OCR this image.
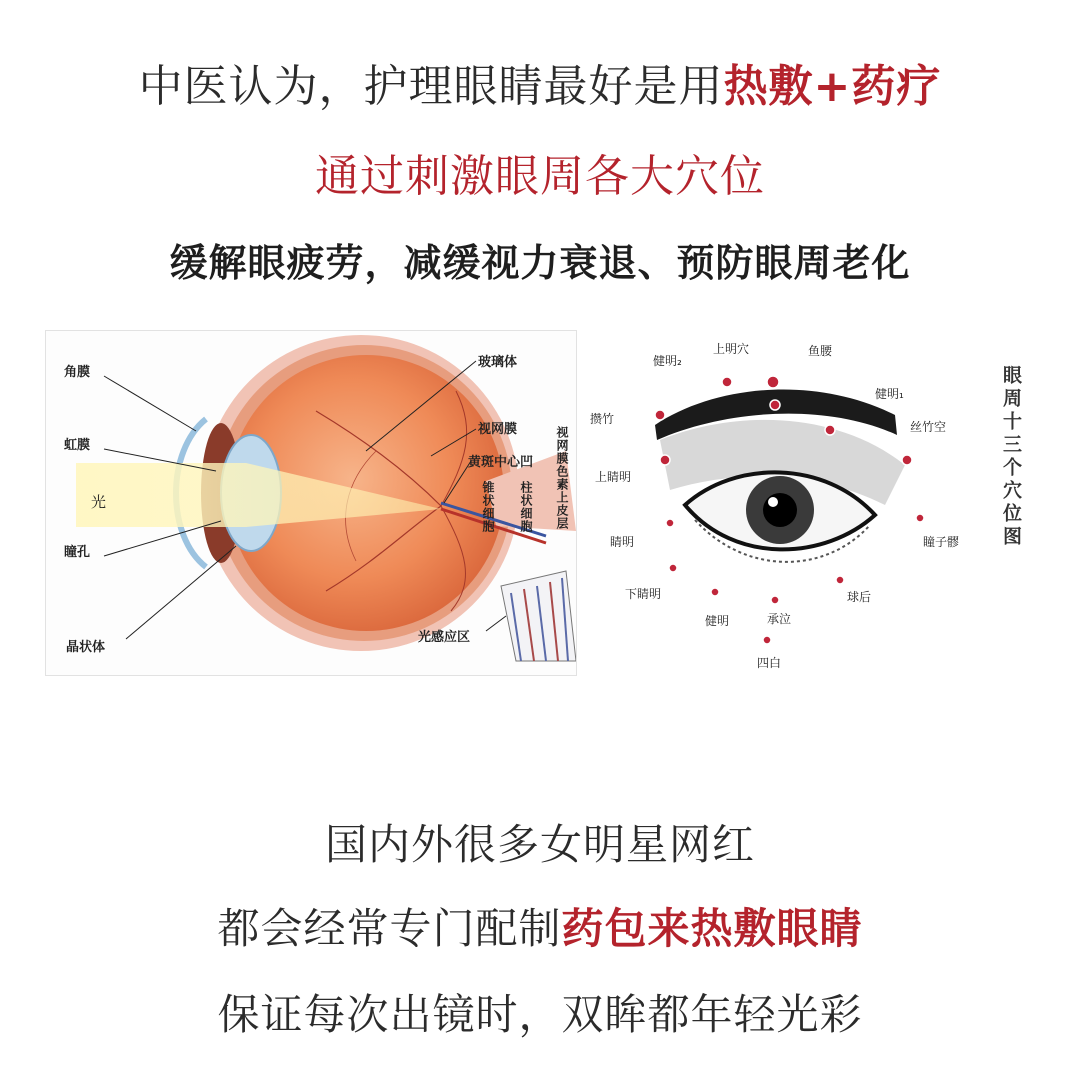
中医认为，护理眼睛最好是用热敷+药疗
通过刺激眼周各大穴位
缓解眼疲劳，减缓视力衰退、预防眼周老化
角膜
虹膜
光
瞳孔
晶状体
玻璃体
视网膜
黄斑中心凹
锥状细胞 柱状细胞 视网膜色素上皮层
光感应区
上明穴	鱼腰
健明₂
攒竹
健明₁
丝竹空
上睛明
睛明	瞳子髎
下睛明
健明	承泣
球后
四白
眼周十三个穴位图
国内外很多女明星网红
都会经常专门配制药包来热敷眼睛
保证每次出镜时，双眸都年轻光彩
